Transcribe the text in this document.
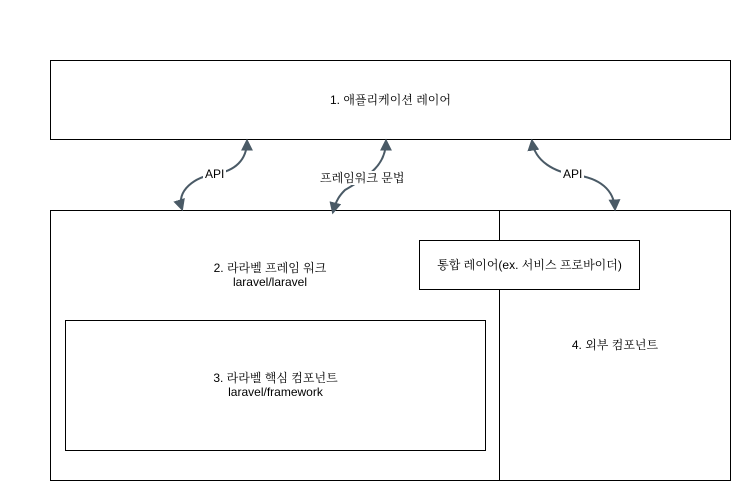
1. 애플리케이션 레이어
2. 라라벨 프레임 워크
laravel/laravel
3. 라라벨 핵심 컴포넌트
laravel/framework
통합 레이어(ex. 서비스 프로바이더)
4. 외부 컴포넌트
API	프레임워크 문법	API
